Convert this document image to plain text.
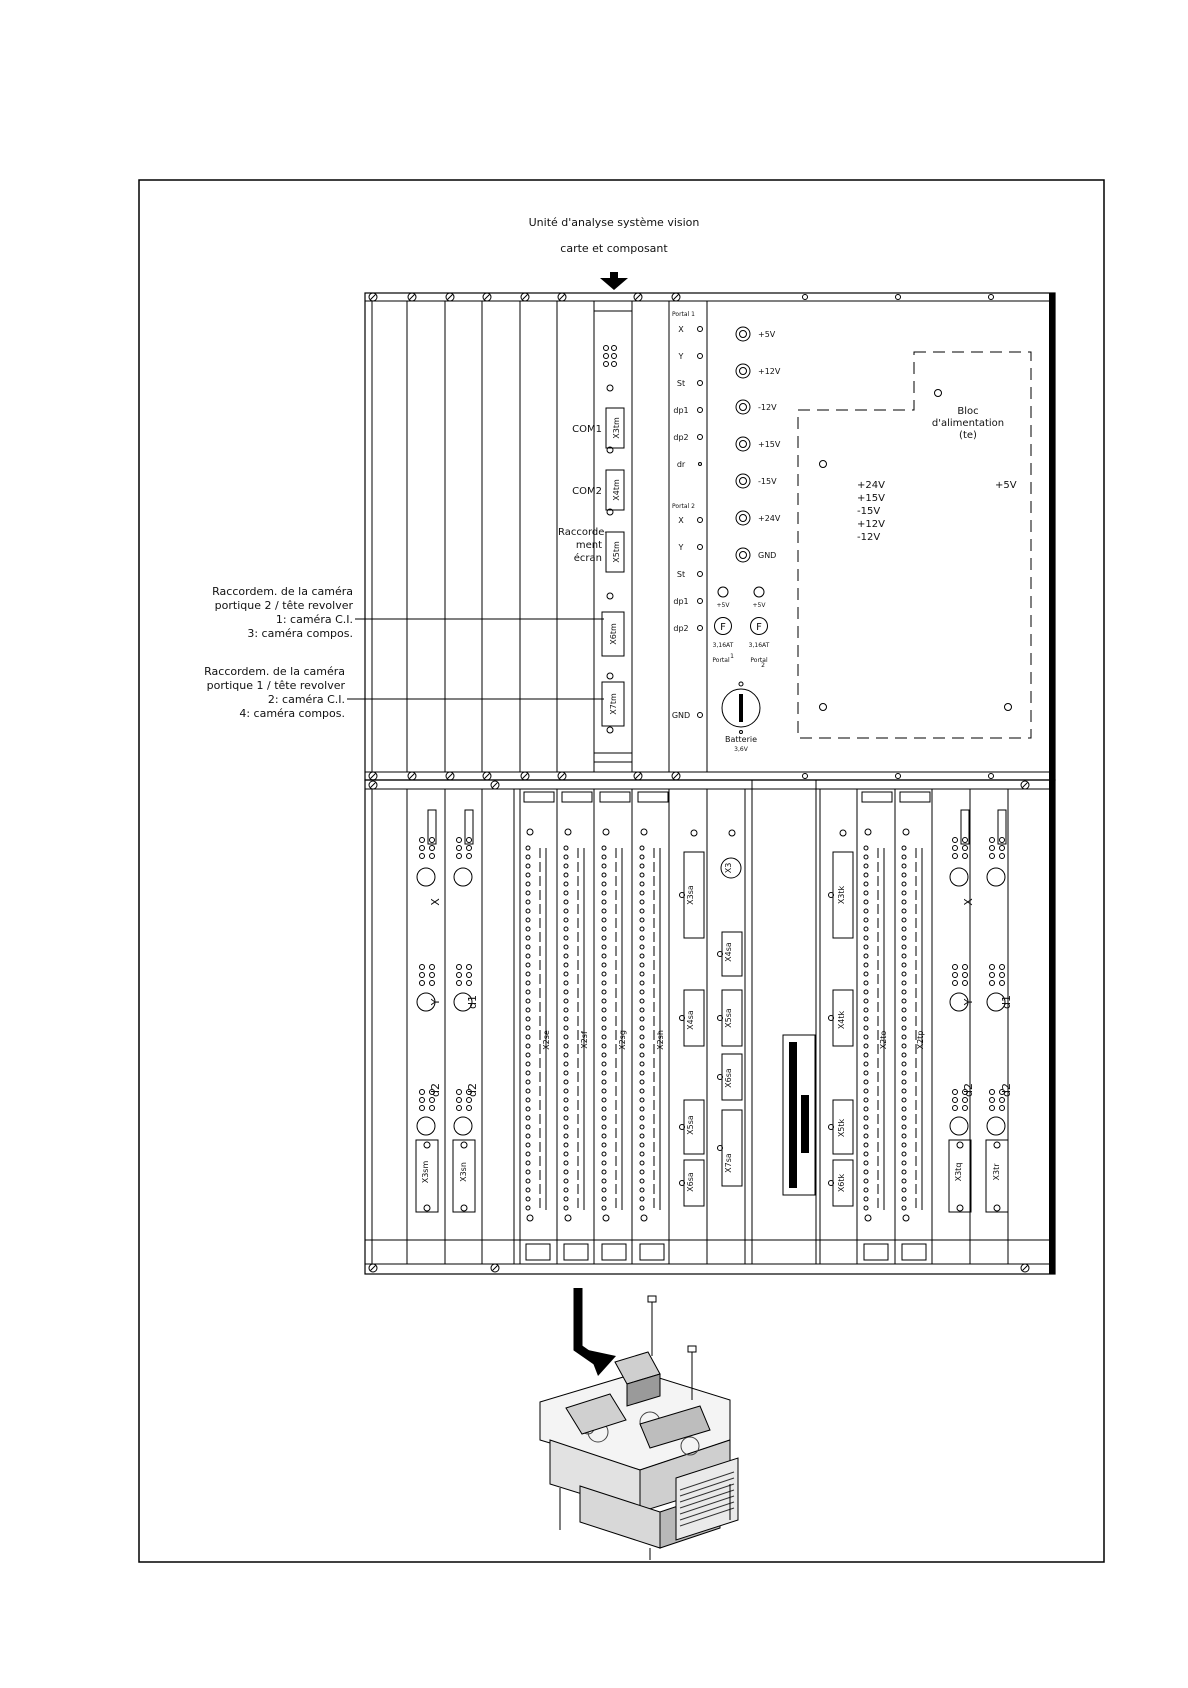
Unité d'analyse système vision
carte et composant
X3tm
X4tm
X5tm
X6tm
X7tm
COM1
COM2
Raccorde-
ment
écran
Raccordem. de la caméra
portique 2 / tête revolver
1: caméra C.I.
3: caméra compos.
Raccordem. de la caméra
portique 1 / tête revolver
2: caméra C.I.
4: caméra compos.
Portal 1
Portal 2
X
Y
St
dp1
dp2
dr
X
Y
St
dp1
dp2
GND
+5V
+12V
-12V
+15V
-15V
+24V
GND
+5V	+5V
F	F
3,16AT	3,16AT
Portal	Portal
1
2
Batterie
3,6V
Bloc
d'alimentation
(te)
+24V
+15V
-15V
+12V
-12V
+5V
X
Y
d2
X3sm
d1
d2
X3sn
X2se	X2sf	X2sg	X2sh
X3sa
X4sa
X5sa
X6sa
X3
X4sa
X5sa
X6sa
X7sa
X3tk
X4tk
X5tk
X6tk
X2to	X2tp
X
Y
d2
X3tq
d1
d2
X3tr
